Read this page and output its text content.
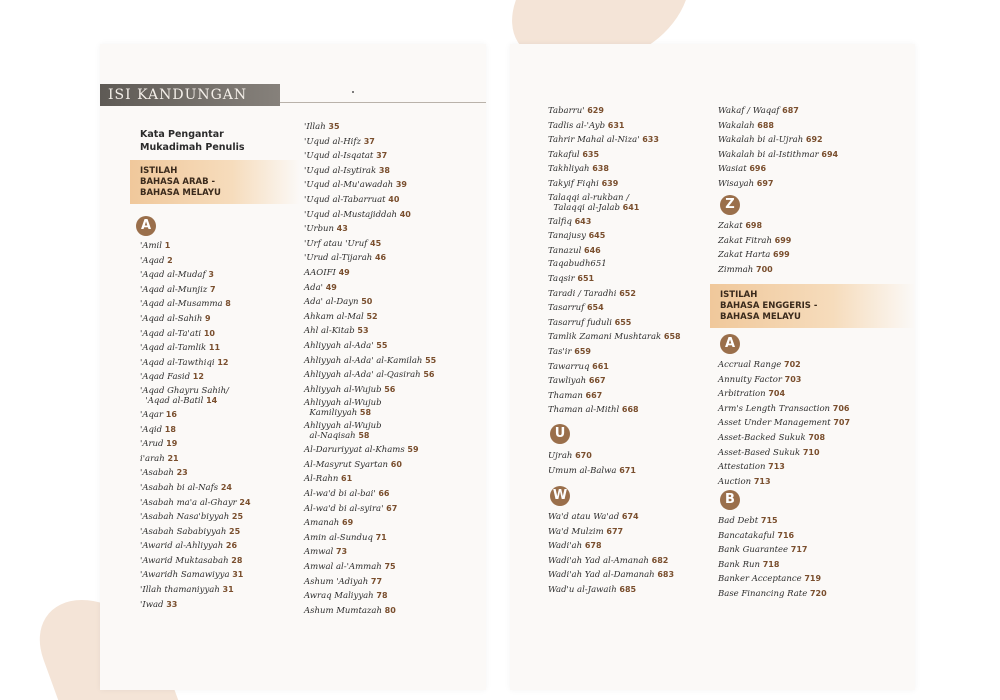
ISI KANDUNGAN
Kata Pengantar
Mukadimah Penulis
ISTILAH
BAHASA ARAB -
BAHASA MELAYU
A
'Amil 1
'Aqad 2
'Aqad al-Mudaf 3
'Aqad al-Munjiz 7
'Aqad al-Musamma 8
'Aqad al-Sahih 9
'Aqad al-Ta'ati 10
'Aqad al-Tamlik 11
'Aqad al-Tawthiqi 12
'Aqad Fasid 12
'Aqad Ghayru Sahih/
'Aqad al-Batil 14
'Aqar 16
'Aqid 18
'Arud 19
i'arah 21
'Asabah 23
'Asabah bi al-Nafs 24
'Asabah ma'a al-Ghayr 24
'Asabah Nasa'biyyah 25
'Asabah Sababiyyah 25
'Awarid al-Ahliyyah 26
'Awarid Muktasabah 28
'Awaridh Samawiyya 31
'Illah thamaniyyah 31
'Iwad 33
'Illah 35
'Uqud al-Hifz 37
'Uqud al-Isqatat 37
'Uqud al-Isytirak 38
'Uqud al-Mu'awadah 39
'Uqud al-Tabarruat 40
'Uqud al-Mustajiddah 40
'Urbun 43
'Urf atau 'Uruf 45
'Urud al-Tijarah 46
AAOIFI 49
Ada' 49
Ada' al-Dayn 50
Ahkam al-Mal 52
Ahl al-Kitab 53
Ahliyyah al-Ada' 55
Ahliyyah al-Ada' al-Kamilah 55
Ahliyyah al-Ada' al-Qasirah 56
Ahliyyah al-Wujub 56
Ahliyyah al-Wujub
Kamiliyyah 58
Ahliyyah al-Wujub
al-Naqisah 58
Al-Daruriyyat al-Khams 59
Al-Masyrut Syartan 60
Al-Rahn 61
Al-wa'd bi al-bai' 66
Al-wa'd bi al-syira' 67
Amanah 69
Amin al-Sunduq 71
Amwal 73
Amwal al-'Ammah 75
Ashum 'Adiyah 77
Awraq Maliyyah 78
Ashum Mumtazah 80
Tabarru' 629
Tadlis al-'Ayb 631
Tahrir Mahal al-Niza' 633
Takaful 635
Takhliyah 638
Takyif Fiqhi 639
Talaqqi al-rukban /
Talaqqi al-Jalab 641
Talfiq 643
Tanajusy 645
Tanazul 646
Taqabudh651
Taqsir 651
Taradi / Taradhi 652
Tasarruf 654
Tasarruf fuduli 655
Tamlik Zamani Mushtarak 658
Tas'ir 659
Tawarruq 661
Tawliyah 667
Thaman 667
Thaman al-Mithl 668
U
Ujrah 670
Umum al-Balwa 671
W
Wa'd atau Wa'ad 674
Wa'd Mulzim 677
Wadi'ah 678
Wadi'ah Yad al-Amanah 682
Wadi'ah Yad al-Damanah 683
Wad'u al-Jawaih 685
Wakaf / Waqaf 687
Wakalah 688
Wakalah bi al-Ujrah 692
Wakalah bi al-Istithmar 694
Wasiat 696
Wisayah 697
Z
Zakat 698
Zakat Fitrah 699
Zakat Harta 699
Zimmah 700
ISTILAH
BAHASA ENGGERIS -
BAHASA MELAYU
A
Accrual Range 702
Annuity Factor 703
Arbitration 704
Arm's Length Transaction 706
Asset Under Management 707
Asset-Backed Sukuk 708
Asset-Based Sukuk 710
Attestation 713
Auction 713
B
Bad Debt 715
Bancatakaful 716
Bank Guarantee 717
Bank Run 718
Banker Acceptance 719
Base Financing Rate 720
